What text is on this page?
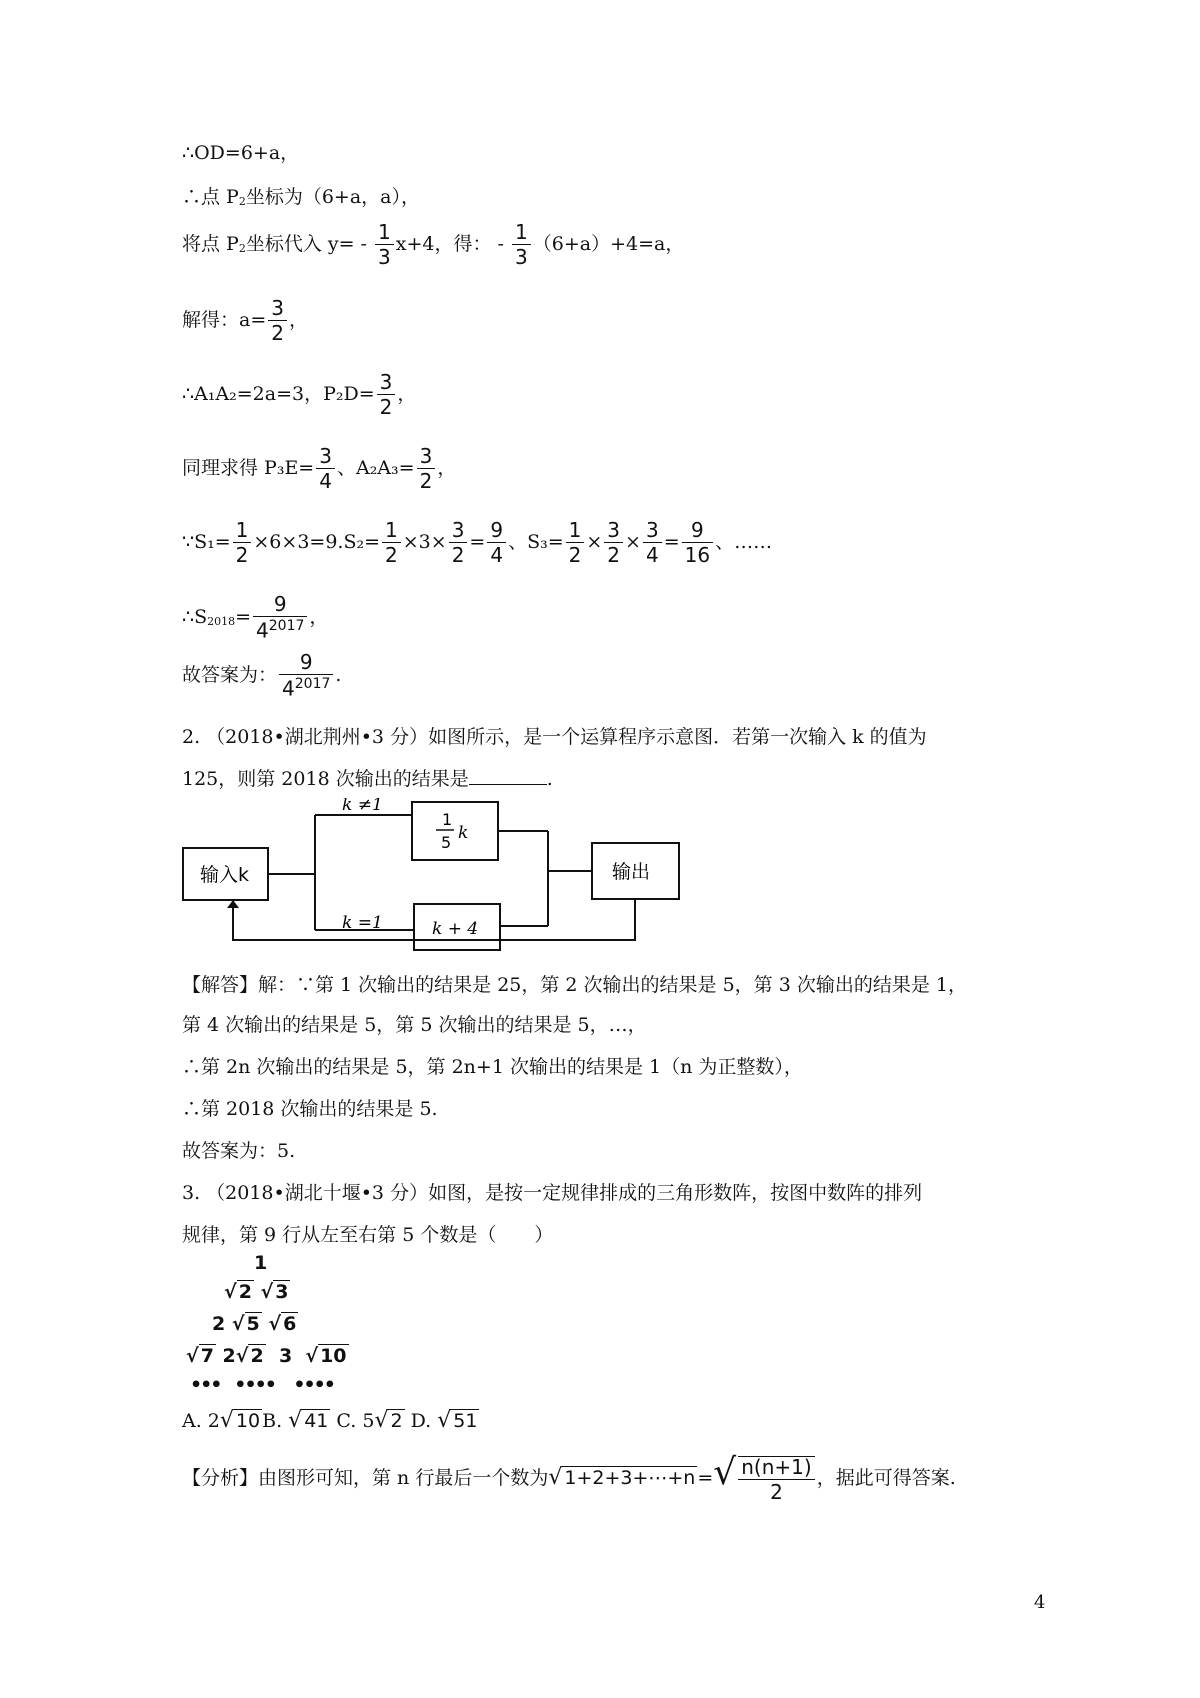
∴OD=6+a，
∴点 $P_2$坐标为（6+a，a），
将点 $P_2$坐标代入 $y= - \frac{1}{3} x+4$，得： - $\frac{1}{3} (6+a)+4=a$，
解得：$a= \frac{3}{2}$ ，
∴A₁A₂=2a=3，$P_2D= \frac{3}{2}$ ，
同理求得 $P_3E= \frac{3}{4}$ 、$A_2A_3= \frac{3}{2}$ ，
∵S₁= $\frac{1}{2} \times 6\times 3=9.S_2= \frac{1}{2} \times 3\times \frac{3}{2} = \frac{9}{4}$ 、$S_3= \frac{1}{2} \times \frac{3}{2} \times \frac{3}{4} = \frac{9}{16}$ 、……
$\therefore S_{2018}= \frac{9}{4^{2017}}$ ，
故答案为： $\frac{9}{4^{2017}}$ .
2. （2018•湖北荆州•3 分）如图所示，是一个运算程序示意图．若第一次输入 k 的值为
125，则第 2018 次输出的结果是	.
输入k	输出
k ≠1
k =1
1
5 k
k + 4
【解答】解：∵第 1 次输出的结果是 25，第 2 次输出的结果是 5，第 3 次输出的结果是 1，
第 4 次输出的结果是 5，第 5 次输出的结果是 5，…，
∴第 2n 次输出的结果是 5，第 2n+1 次输出的结果是 1（n 为正整数），
∴第 2018 次输出的结果是 5.
故答案为：5.
3. （2018•湖北十堰•3 分）如图，是按一定规律排成的三角形数阵，按图中数阵的排列
规律，第 9 行从左至右第 5 个数是（　　）
1
√ 2 √ 3
2 √ 5 √ 6
√ 7 2√ 2 3  √ 10
••• •••• ••••
A. 2√ 10 B. √ 41 C. 5√ 2 D. √ 51
【分析】由图形可知，第 n 行最后一个数为√ 1+2+3+⋯+n =√ $\frac{n(n+1)}{2}$ ，据此可得答案.
4
